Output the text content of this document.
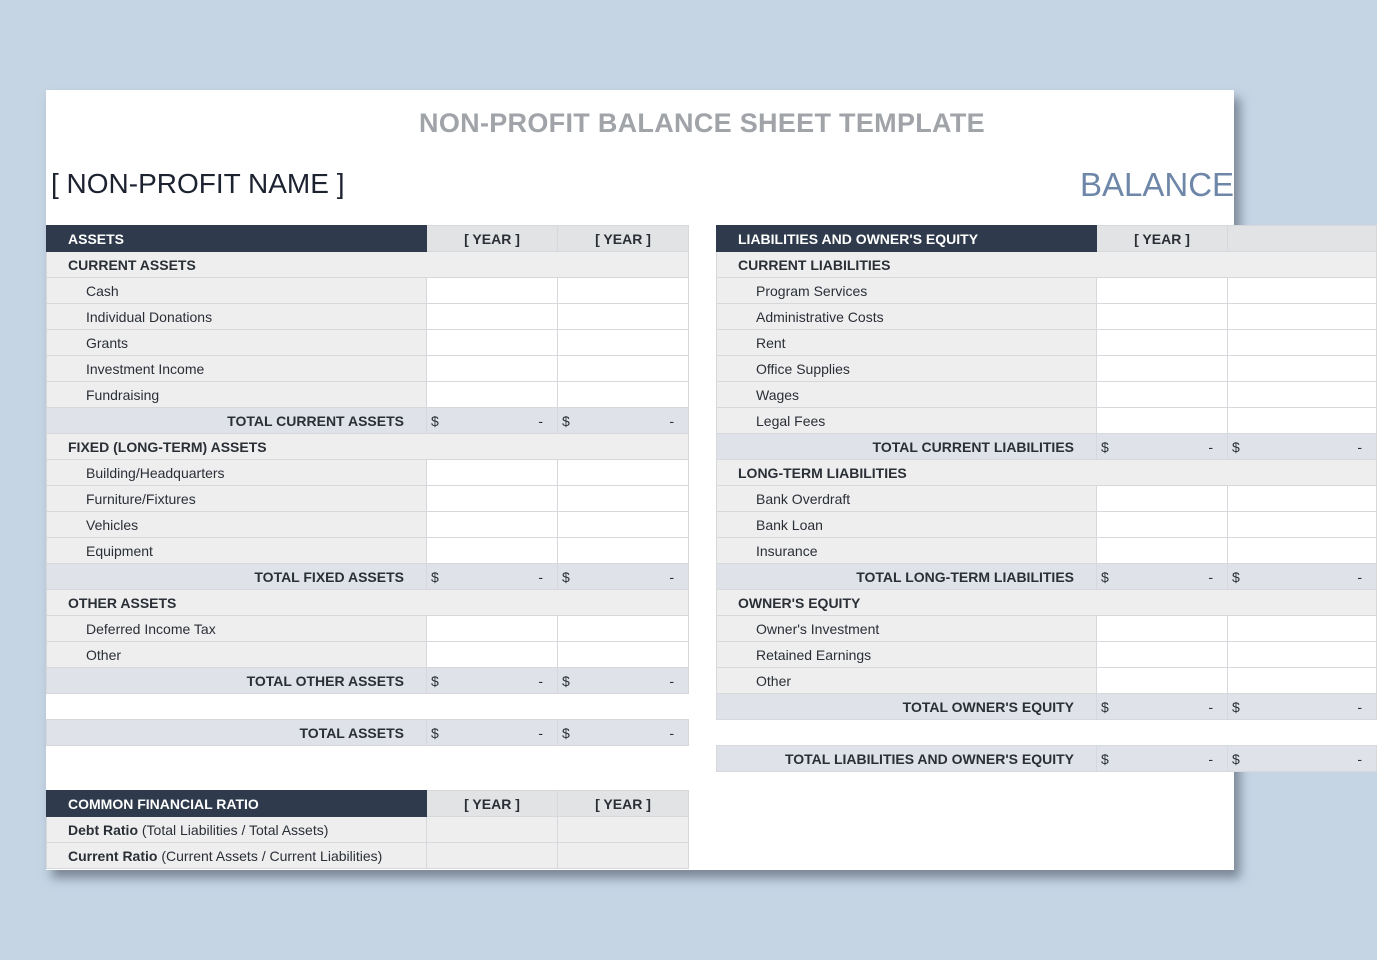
NON-PROFIT BALANCE SHEET TEMPLATE
[ NON-PROFIT NAME ]	BALANCE
ASSETS	[ YEAR ]	[ YEAR ]
CURRENT ASSETS		
Cash		
Individual Donations		
Grants		
Investment Income		
Fundraising		
TOTAL CURRENT ASSETS	$ -	$ -

FIXED (LONG-TERM) ASSETS		
Building/Headquarters		
Furniture/Fixtures		
Vehicles		
Equipment		
TOTAL FIXED ASSETS	$ -	$ -

OTHER ASSETS		
Deferred Income Tax		
Other		
TOTAL OTHER ASSETS	$ -	$ -

TOTAL ASSETS	$ -	$ -
COMMON FINANCIAL RATIO	[ YEAR ]	[ YEAR ]
Debt Ratio (Total Liabilities / Total Assets)		
Current Ratio (Current Assets / Current Liabilities)		
LIABILITIES AND OWNER'S EQUITY	[ YEAR ]	
CURRENT LIABILITIES		
Program Services		
Administrative Costs		
Rent		
Office Supplies		
Wages		
Legal Fees		
TOTAL CURRENT LIABILITIES	$ -	$ -

LONG-TERM LIABILITIES		
Bank Overdraft		
Bank Loan		
Insurance		
TOTAL LONG-TERM LIABILITIES	$ -	$ -

OWNER'S EQUITY		
Owner's Investment		
Retained Earnings		
Other		
TOTAL OWNER'S EQUITY	$ -	$ -

TOTAL LIABILITIES AND OWNER'S EQUITY	$ -	$ -
